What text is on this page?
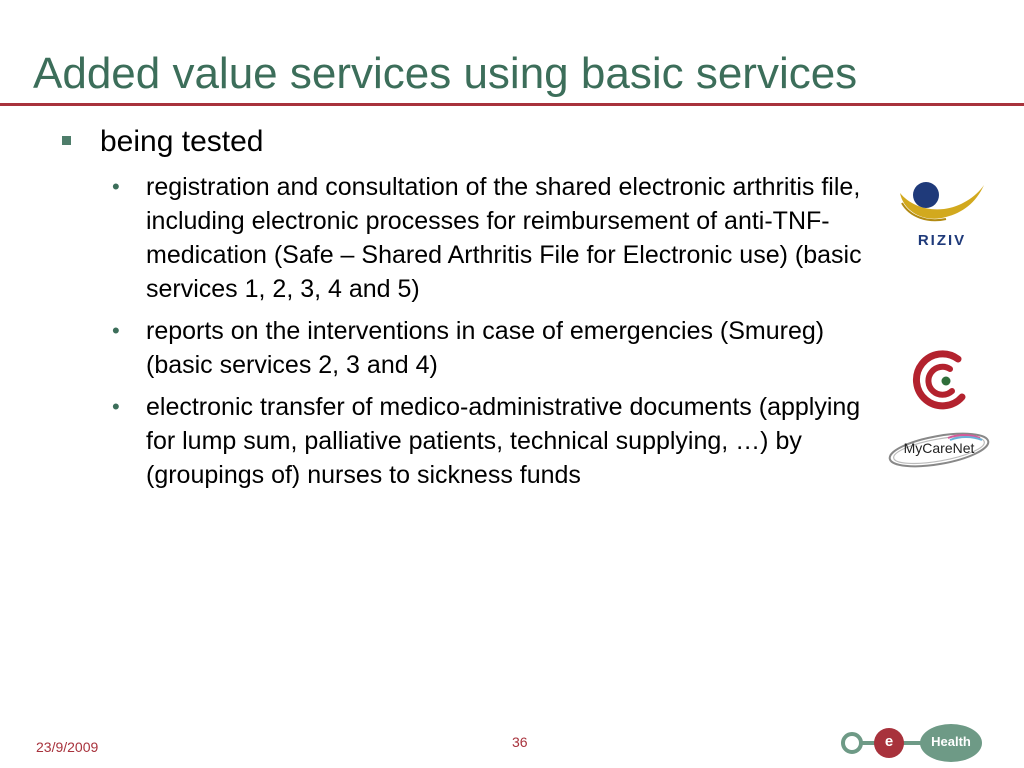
Added value services using basic services
being tested
• registration and consultation of the shared electronic arthritis file, including electronic processes for reimbursement of anti-TNF-medication (Safe – Shared Arthritis File for Electronic use) (basic services 1, 2, 3, 4 and 5)
• reports on the interventions in case of emergencies (Smureg) (basic services 2, 3 and 4)
• electronic transfer of medico-administrative documents (applying for lump sum, palliative patients, technical supplying, …) by (groupings of) nurses to sickness funds
RIZIV
MyCareNet
23/9/2009	36	e	Health
